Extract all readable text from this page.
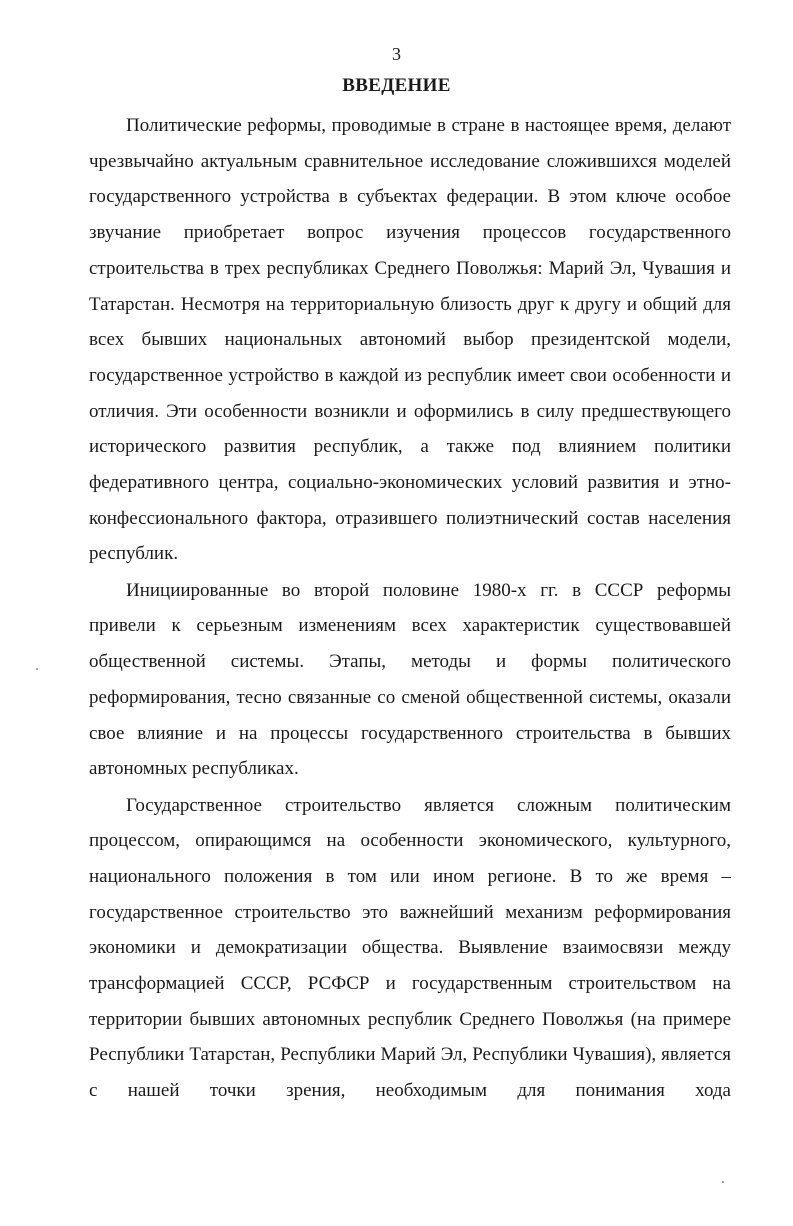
3
ВВЕДЕНИЕ

Политические реформы, проводимые в стране в настоящее время, делают чрезвычайно актуальным сравнительное исследование сложившихся моделей государственного устройства в субъектах федерации. В этом ключе особое звучание приобретает вопрос изучения процессов государственного строительства в трех республиках Среднего Поволжья: Марий Эл, Чувашия и Татарстан. Несмотря на территориальную близость друг к другу и общий для всех бывших национальных автономий выбор президентской модели, государственное устройство в каждой из республик имеет свои особенности и отличия. Эти особенности возникли и оформились в силу предшествующего исторического развития республик, а также под влиянием политики федеративного центра, социально-экономических условий развития и этно-конфессионального фактора, отразившего полиэтнический состав населения республик.

Инициированные во второй половине 1980-х гг. в СССР реформы привели к серьезным изменениям всех характеристик существовавшей общественной системы. Этапы, методы и формы политического реформирования, тесно связанные со сменой общественной системы, оказали свое влияние и на процессы государственного строительства в бывших автономных республиках.

Государственное строительство является сложным политическим процессом, опирающимся на особенности экономического, культурного, национального положения в том или ином регионе. В то же время – государственное строительство это важнейший механизм реформирования экономики и демократизации общества. Выявление взаимосвязи между трансформацией СССР, РСФСР и государственным строительством на территории бывших автономных республик Среднего Поволжья (на примере Республики Татарстан, Республики Марий Эл, Республики Чувашия), является с нашей точки зрения, необходимым для понимания хода
